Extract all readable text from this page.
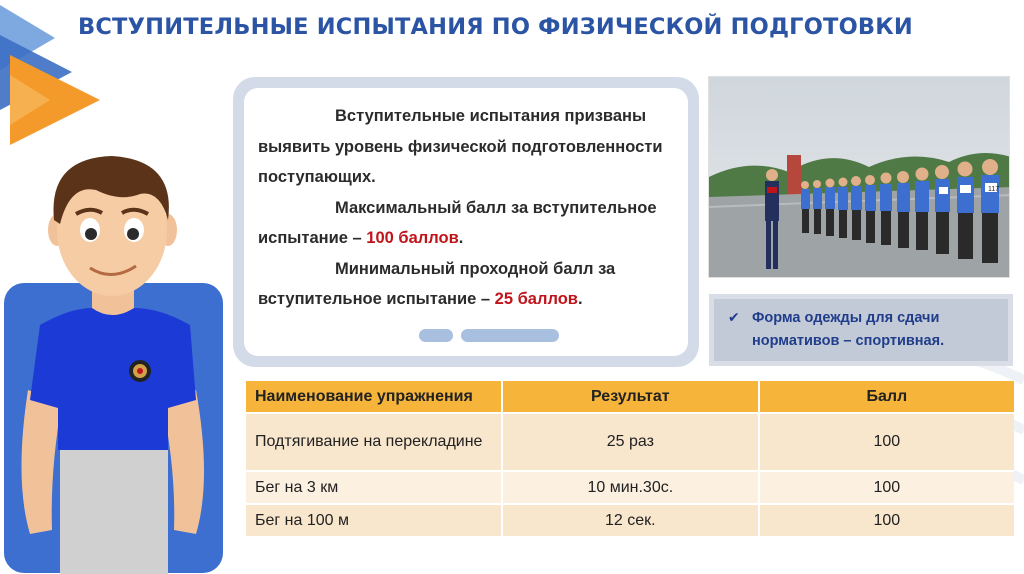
ВСТУПИТЕЛЬНЫЕ ИСПЫТАНИЯ ПО ФИЗИЧЕСКОЙ ПОДГОТОВКИ
Вступительные испытания призваны выявить уровень физической подготовленности поступающих.
Максимальный балл за вступительное испытание – 100 баллов.
Минимальный проходной балл за вступительное испытание – 25 баллов.
117
✔ Форма одежды для сдачи нормативов – спортивная.
Наименование упражнения	Результат	Балл
Подтягивание на перекладине	25 раз	100
Бег на 3 км	10 мин.30с.	100
Бег на 100 м	12 сек.	100
